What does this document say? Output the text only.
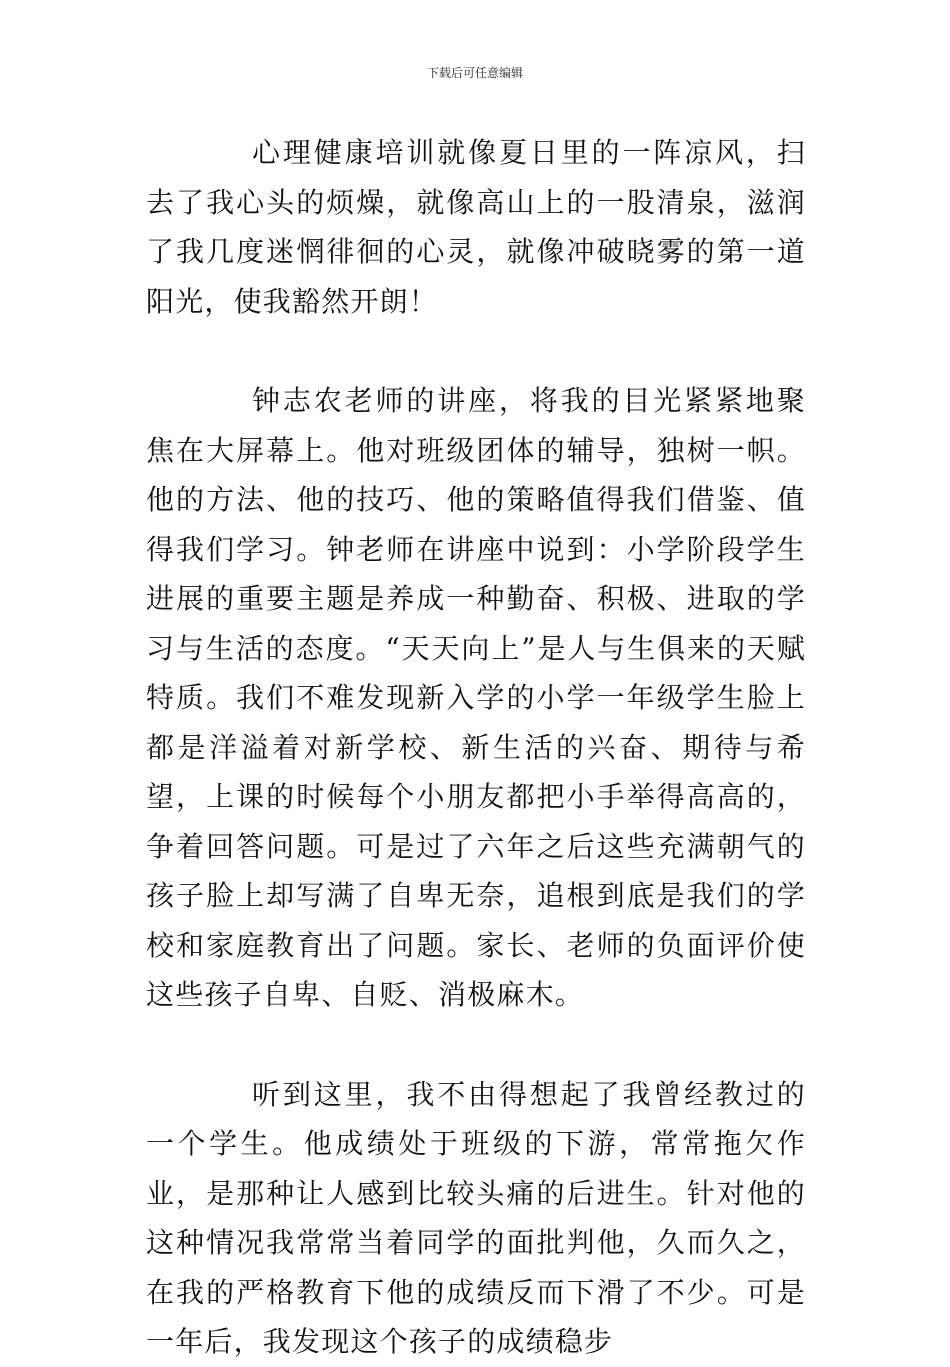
下载后可任意编辑

心理健康培训就像夏日里的一阵凉风，扫去了我心头的烦燥，就像高山上的一股清泉，滋润了我几度迷惘徘徊的心灵，就像冲破晓雾的第一道阳光，使我豁然开朗！

钟志农老师的讲座，将我的目光紧紧地聚焦在大屏幕上。他对班级团体的辅导，独树一帜。他的方法、他的技巧、他的策略值得我们借鉴、值得我们学习。钟老师在讲座中说到：小学阶段学生进展的重要主题是养成一种勤奋、积极、进取的学习与生活的态度。“天天向上”是人与生俱来的天赋特质。我们不难发现新入学的小学一年级学生脸上都是洋溢着对新学校、新生活的兴奋、期待与希望，上课的时候每个小朋友都把小手举得高高的，争着回答问题。可是过了六年之后这些充满朝气的孩子脸上却写满了自卑无奈，追根到底是我们的学校和家庭教育出了问题。家长、老师的负面评价使这些孩子自卑、自贬、消极麻木。

听到这里，我不由得想起了我曾经教过的一个学生。他成绩处于班级的下游，常常拖欠作业，是那种让人感到比较头痛的后进生。针对他的这种情况我常常当着同学的面批判他，久而久之，在我的严格教育下他的成绩反而下滑了不少。可是一年后，我发现这个孩子的成绩稳步
